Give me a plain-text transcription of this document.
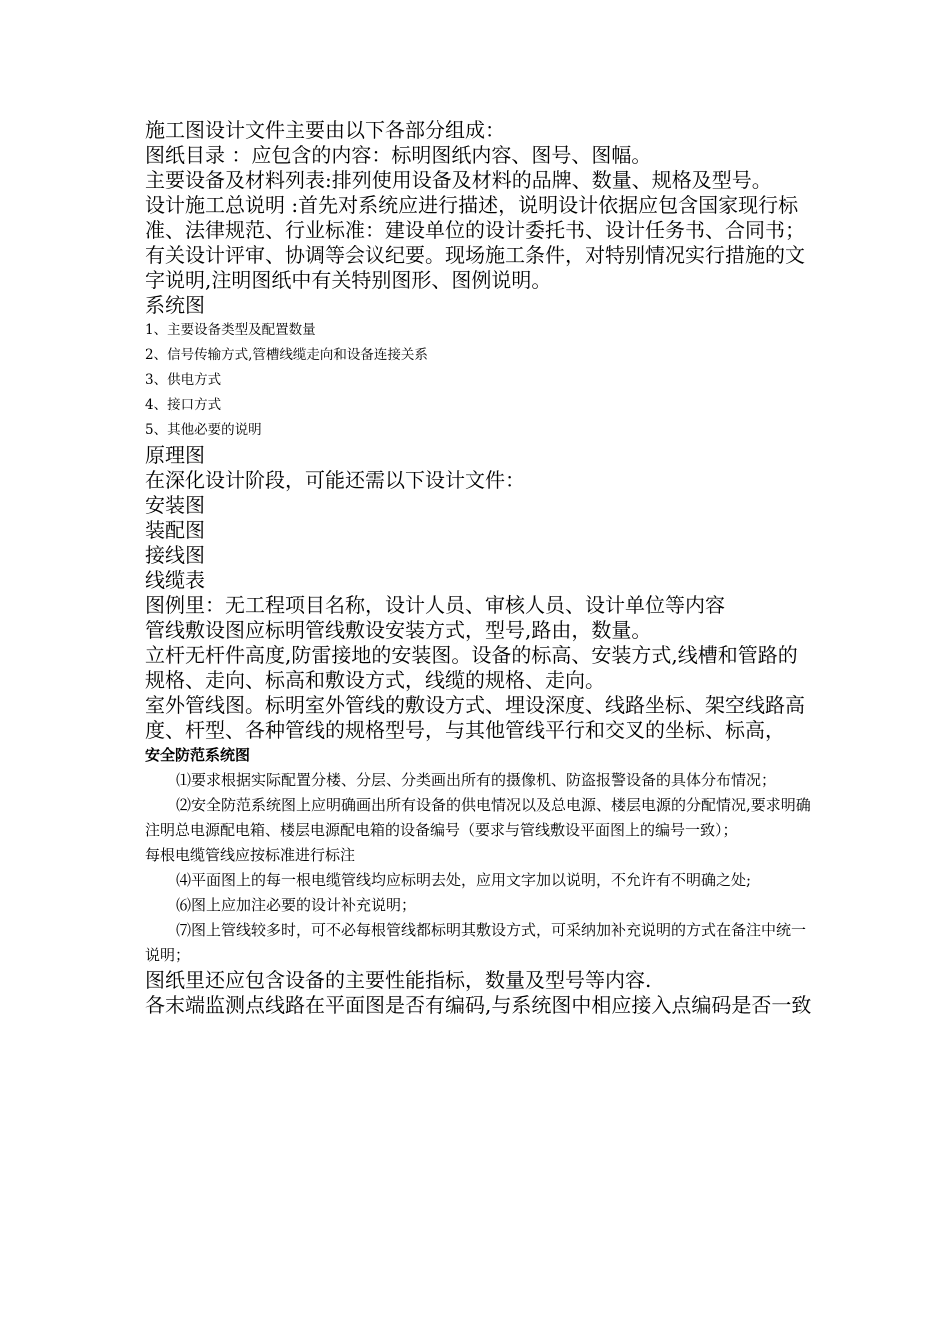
施工图设计文件主要由以下各部分组成：

图纸目录 ：应包含的内容：标明图纸内容、图号、图幅。

主要设备及材料列表:排列使用设备及材料的品牌、数量、规格及型号。

设计施工总说明 :首先对系统应进行描述，说明设计依据应包含国家现行标准、法律规范、行业标准：建设单位的设计委托书、设计任务书、合同书；有关设计评审、协调等会议纪要。现场施工条件，对特别情况实行措施的文字说明,注明图纸中有关特别图形、图例说明。

系统图

1、主要设备类型及配置数量

2、信号传输方式,管槽线缆走向和设备连接关系

3、供电方式

4、接口方式

5、其他必要的说明

原理图

在深化设计阶段，可能还需以下设计文件：

安装图

装配图

接线图

线缆表

图例里：无工程项目名称，设计人员、审核人员、设计单位等内容

管线敷设图应标明管线敷设安装方式，型号,路由，数量。

立杆无杆件高度,防雷接地的安装图。设备的标高、安装方式,线槽和管路的规格、走向、标高和敷设方式，线缆的规格、走向。

室外管线图。标明室外管线的敷设方式、埋设深度、线路坐标、架空线路高度、杆型、各种管线的规格型号，与其他管线平行和交叉的坐标、标高，

安全防范系统图

⑴要求根据实际配置分楼、分层、分类画出所有的摄像机、防盗报警设备的具体分布情况；

⑵安全防范系统图上应明确画出所有设备的供电情况以及总电源、楼层电源的分配情况,要求明确注明总电源配电箱、楼层电源配电箱的设备编号（要求与管线敷设平面图上的编号一致）；

每根电缆管线应按标准进行标注

⑷平面图上的每一根电缆管线均应标明去处，应用文字加以说明，不允许有不明确之处;

⑹图上应加注必要的设计补充说明；

⑺图上管线较多时，可不必每根管线都标明其敷设方式，可采纳加补充说明的方式在备注中统一说明；

图纸里还应包含设备的主要性能指标，数量及型号等内容.

各末端监测点线路在平面图是否有编码,与系统图中相应接入点编码是否一致
